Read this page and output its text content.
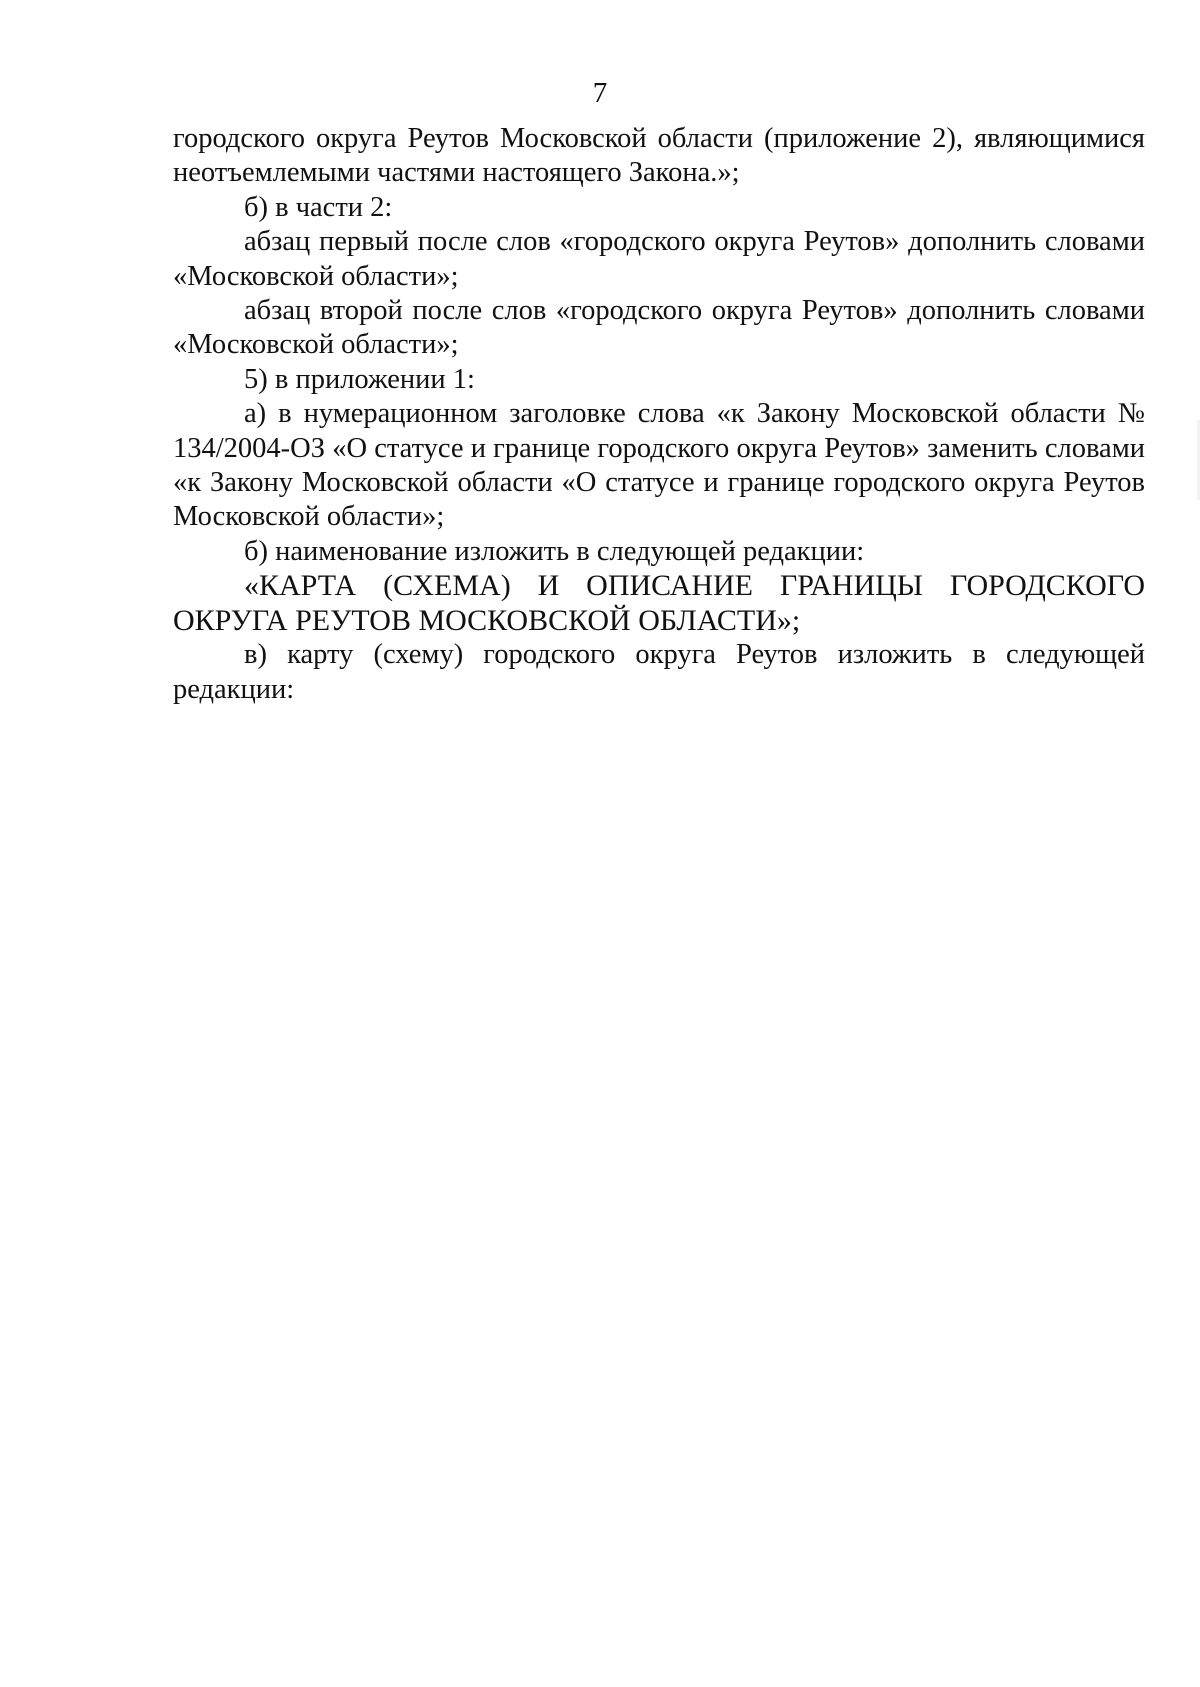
7

городского округа Реутов Московской области (приложение 2), являющимися неотъемлемыми частями настоящего Закона.»;

б) в части 2:

абзац первый после слов «городского округа Реутов» дополнить словами «Московской области»;

абзац второй после слов «городского округа Реутов» дополнить словами «Московской области»;

5) в приложении 1:

а) в нумерационном заголовке слова «к Закону Московской области № 134/2004-ОЗ «О статусе и границе городского округа Реутов» заменить словами «к Закону Московской области «О статусе и границе городского округа Реутов Московской области»;

б) наименование изложить в следующей редакции:

«КАРТА (СХЕМА) И ОПИСАНИЕ ГРАНИЦЫ ГОРОДСКОГО ОКРУГА РЕУТОВ МОСКОВСКОЙ ОБЛАСТИ»;

в) карту (схему) городского округа Реутов изложить в следующей редакции:
